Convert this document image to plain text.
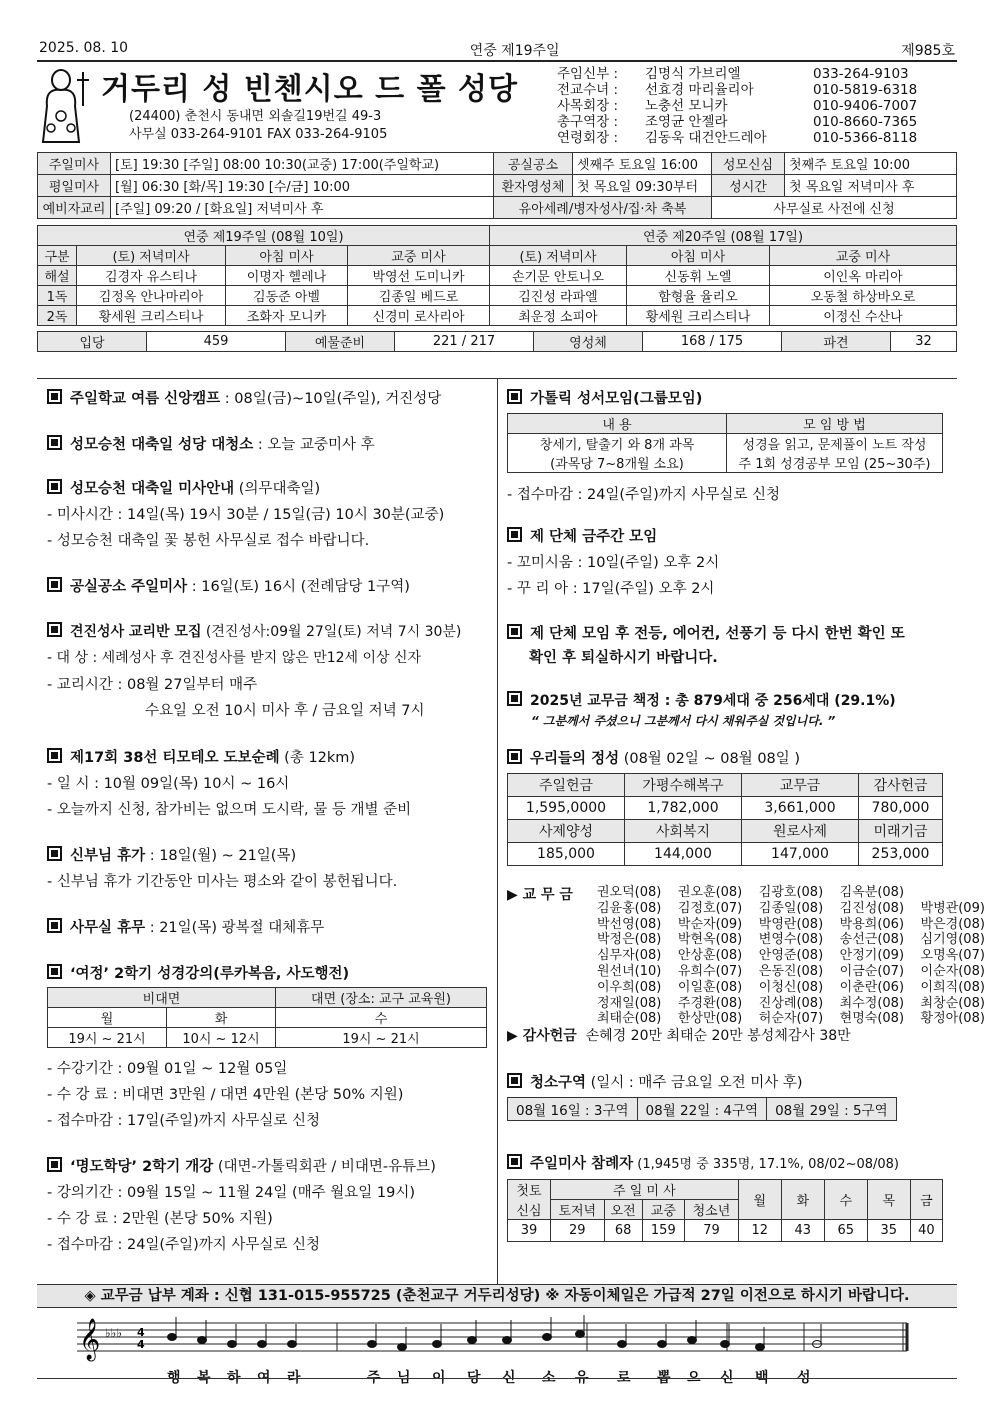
2025. 08. 10	연중 제19주일	제985호
거두리 성 빈첸시오 드 폴 성당
(24400) 춘천시 동내면 외솔길19번길 49-3
사무실 033-264-9101 FAX 033-264-9105
주임신부 :	김명식 가브리엘	033-264-9103
전교수녀 :	선효경 마리율리아	010-5819-6318
사목회장 :	노충선 모니카	010-9406-7007
총구역장 :	조영균 안젤라	010-8660-7365
연령회장 :	김동욱 대건안드레아	010-5366-8118
주일미사	[토] 19:30 [주일] 08:00 10:30(교중) 17:00(주일학교)	공실공소	셋째주 토요일 16:00	성모신심	첫째주 토요일 10:00
평일미사	[월] 06:30 [화/목] 19:30 [수/금] 10:00	환자영성체	첫 목요일 09:30부터	성시간	첫 목요일 저녁미사 후
예비자교리	[주일] 09:20 / [화요일] 저녁미사 후	유아세례/병자성사/집·차 축복		사무실로 사전에 신청	
연중 제19주일 (08월 10일)				연중 제20주일 (08월 17일)		
구분	(토) 저녁미사	아침 미사	교중 미사	(토) 저녁미사	아침 미사	교중 미사
해설	김경자 유스티나	이명자 헬레나	박영선 도미니카	손기문 안토니오	신동휘 노엘	이인옥 마리아
1독	김정옥 안나마리아	김동준 아벨	김종일 베드로	김진성 라파엘	함형율 율리오	오동철 하상바오로
2독	황세원 크리스티나	조화자 모니카	신경미 로사리아	최운정 소피아	황세원 크리스티나	이정신 수산나
입당	459	예물준비	221 / 217	영성체	168 / 175	파견	32
주일학교 여름 신앙캠프 : 08일(금)~10일(주일), 거진성당
성모승천 대축일 성당 대청소 : 오늘 교중미사 후
성모승천 대축일 미사안내 (의무대축일)
- 미사시간 : 14일(목) 19시 30분 / 15일(금) 10시 30분(교중)
- 성모승천 대축일 꽃 봉헌 사무실로 접수 바랍니다.
공실공소 주일미사 : 16일(토) 16시 (전례담당 1구역)
견진성사 교리반 모집 (견진성사:09월 27일(토) 저녁 7시 30분)
- 대 상 : 세례성사 후 견진성사를 받지 않은 만12세 이상 신자
- 교리시간 : 08월 27일부터 매주
수요일 오전 10시 미사 후 / 금요일 저녁 7시
제17회 38선 티모테오 도보순례 (총 12km)
- 일 시 : 10월 09일(목) 10시 ~ 16시
- 오늘까지 신청, 참가비는 없으며 도시락, 물 등 개별 준비
신부님 휴가 : 18일(월) ~ 21일(목)
- 신부님 휴가 기간동안 미사는 평소와 같이 봉헌됩니다.
사무실 휴무 : 21일(목) 광복절 대체휴무
‘여정’ 2학기 성경강의(루카복음, 사도행전)
비대면		대면 (장소: 교구 교육원)
월	화	수
19시 ~ 21시	10시 ~ 12시	19시 ~ 21시
- 수강기간 : 09월 01일 ~ 12월 05일
- 수 강 료 : 비대면 3만원 / 대면 4만원 (본당 50% 지원)
- 접수마감 : 17일(주일)까지 사무실로 신청
‘명도학당’ 2학기 개강 (대면-가톨릭회관 / 비대면-유튜브)
- 강의기간 : 09월 15일 ~ 11월 24일 (매주 월요일 19시)
- 수 강 료 : 2만원 (본당 50% 지원)
- 접수마감 : 24일(주일)까지 사무실로 신청
가톨릭 성서모임(그룹모임)
내 용	모 임 방 법
창세기, 탈출기 와 8개 과목	성경을 읽고, 문제풀이 노트 작성
(과목당 7~8개월 소요)	주 1회 성경공부 모임 (25~30주)
- 접수마감 : 24일(주일)까지 사무실로 신청
제 단체 금주간 모임
- 꼬미시움 : 10일(주일) 오후 2시
- 꾸 리 아 : 17일(주일) 오후 2시
제 단체 모임 후 전등, 에어컨, 선풍기 등 다시 한번 확인 또
확인 후 퇴실하시기 바랍니다.
2025년 교무금 책정 : 총 879세대 중 256세대 (29.1%)
“ 그분께서 주셨으니 그분께서 다시 채워주실 것입니다. ”
우리들의 정성 (08월 02일 ~ 08월 08일 )
주일헌금	가평수해복구	교무금	감사헌금
1,595,0000	1,782,000	3,661,000	780,000
사제양성	사회복지	원로사제	미래기금
185,000	144,000	147,000	253,000
▶ 교 무 금	권오덕(08)    권오훈(08)    김광호(08)    김옥분(08)
김윤홍(08)    김정호(07)    김종일(08)    김진성(08)    박병관(09)
박선영(08)    박순자(09)    박영란(08)    박용희(06)    박은경(08)
박정은(08)    박현옥(08)    변영수(08)    송선근(08)    심기영(08)
심무자(08)    안상훈(08)    안영준(08)    안정기(09)    오명옥(07)
원선녀(10)    유희수(07)    은동진(08)    이금순(07)    이순자(08)
이우희(08)    이일훈(08)    이청신(08)    이춘란(06)    이희직(08)
정재일(08)    주경환(08)    진상례(08)    최수정(08)    최창순(08)
최태순(08)    한상만(08)    허순자(07)    현명숙(08)    황정아(08)
▶ 감사헌금 손혜경 20만 최태순 20만 봉성체감사 38만
청소구역 (일시 : 매주 금요일 오전 미사 후)
08월 16일 : 3구역	08월 22일 : 4구역	08월 29일 : 5구역
주일미사 참례자 (1,945명 중 335명, 17.1%, 08/02~08/08)
첫토	주 일 미 사				월	화	수	목	금
신심	토저녁	오전	교중	청소년					
39	29	68	159	79	12	43	65	35	40
◈ 교무금 납부 계좌 : 신협 131-015-955725 (춘천교구 거두리성당) ※ 자동이체일은 가급적 27일 이전으로 하시기 바랍니다.
𝄞 ♭♭♭ 4
4
행 복 하 여 라	주 님 이 당 신 소 유 로 뽑 으 신 백 성
